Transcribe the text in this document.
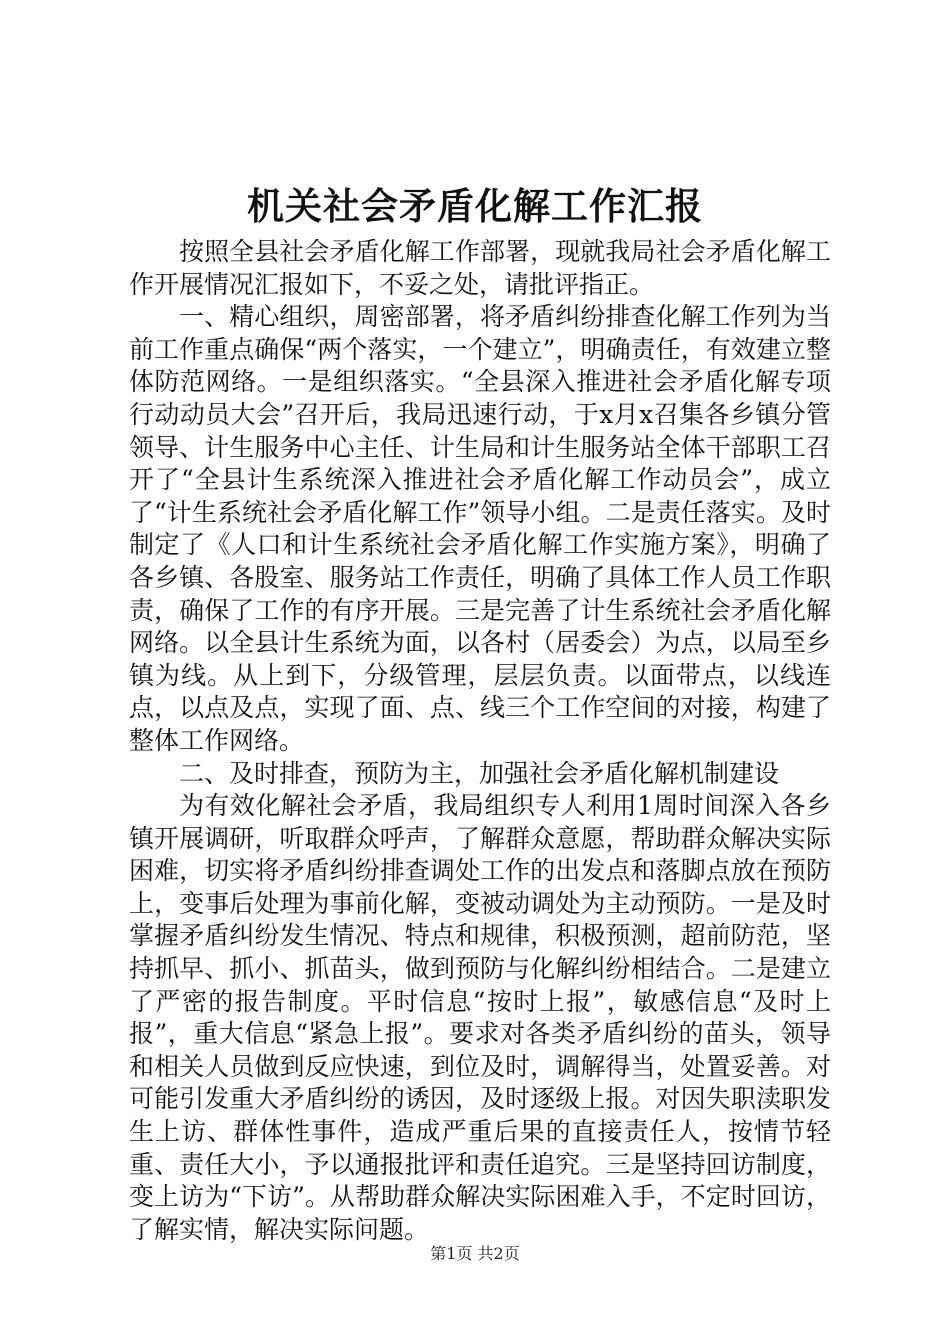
机关社会矛盾化解工作汇报

按照全县社会矛盾化解工作部署，现就我局社会矛盾化解工作开展情况汇报如下，不妥之处，请批评指正。

一、精心组织，周密部署，将矛盾纠纷排查化解工作列为当前工作重点确保“两个落实，一个建立”，明确责任，有效建立整体防范网络。一是组织落实。“全县深入推进社会矛盾化解专项行动动员大会”召开后，我局迅速行动，于x月x召集各乡镇分管领导、计生服务中心主任、计生局和计生服务站全体干部职工召开了“全县计生系统深入推进社会矛盾化解工作动员会”，成立了“计生系统社会矛盾化解工作”领导小组。二是责任落实。及时制定了《人口和计生系统社会矛盾化解工作实施方案》，明确了各乡镇、各股室、服务站工作责任，明确了具体工作人员工作职责，确保了工作的有序开展。三是完善了计生系统社会矛盾化解网络。以全县计生系统为面，以各村（居委会）为点，以局至乡镇为线。从上到下，分级管理，层层负责。以面带点，以线连点，以点及点，实现了面、点、线三个工作空间的对接，构建了整体工作网络。

二、及时排查，预防为主，加强社会矛盾化解机制建设

为有效化解社会矛盾，我局组织专人利用1周时间深入各乡镇开展调研，听取群众呼声，了解群众意愿，帮助群众解决实际困难，切实将矛盾纠纷排查调处工作的出发点和落脚点放在预防上，变事后处理为事前化解，变被动调处为主动预防。一是及时掌握矛盾纠纷发生情况、特点和规律，积极预测，超前防范，坚持抓早、抓小、抓苗头，做到预防与化解纠纷相结合。二是建立了严密的报告制度。平时信息“按时上报”，敏感信息“及时上报”，重大信息“紧急上报”。要求对各类矛盾纠纷的苗头，领导和相关人员做到反应快速，到位及时，调解得当，处置妥善。对可能引发重大矛盾纠纷的诱因，及时逐级上报。对因失职渎职发生上访、群体性事件，造成严重后果的直接责任人，按情节轻重、责任大小，予以通报批评和责任追究。三是坚持回访制度，变上访为“下访”。从帮助群众解决实际困难入手，不定时回访，了解实情，解决实际问题。

第1页 共2页
